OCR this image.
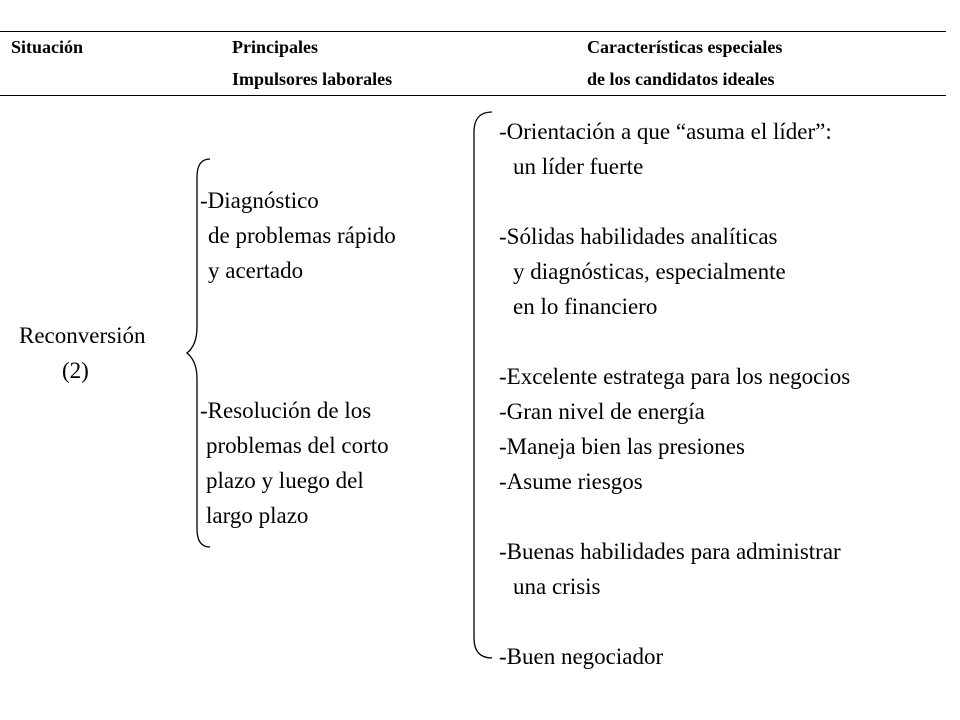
Situación	Principales
Impulsores laborales
Características especiales
de los candidatos ideales
Reconversión
(2)
-Diagnóstico
de problemas rápido
y acertado
-Resolución de los
problemas del corto
plazo y luego del
largo plazo
-Orientación a que “asuma el líder”:
un líder fuerte
-Sólidas habilidades analíticas
y diagnósticas, especialmente
en lo financiero
-Excelente estratega para los negocios
-Gran nivel de energía
-Maneja bien las presiones
-Asume riesgos
-Buenas habilidades para administrar
una crisis
-Buen negociador
